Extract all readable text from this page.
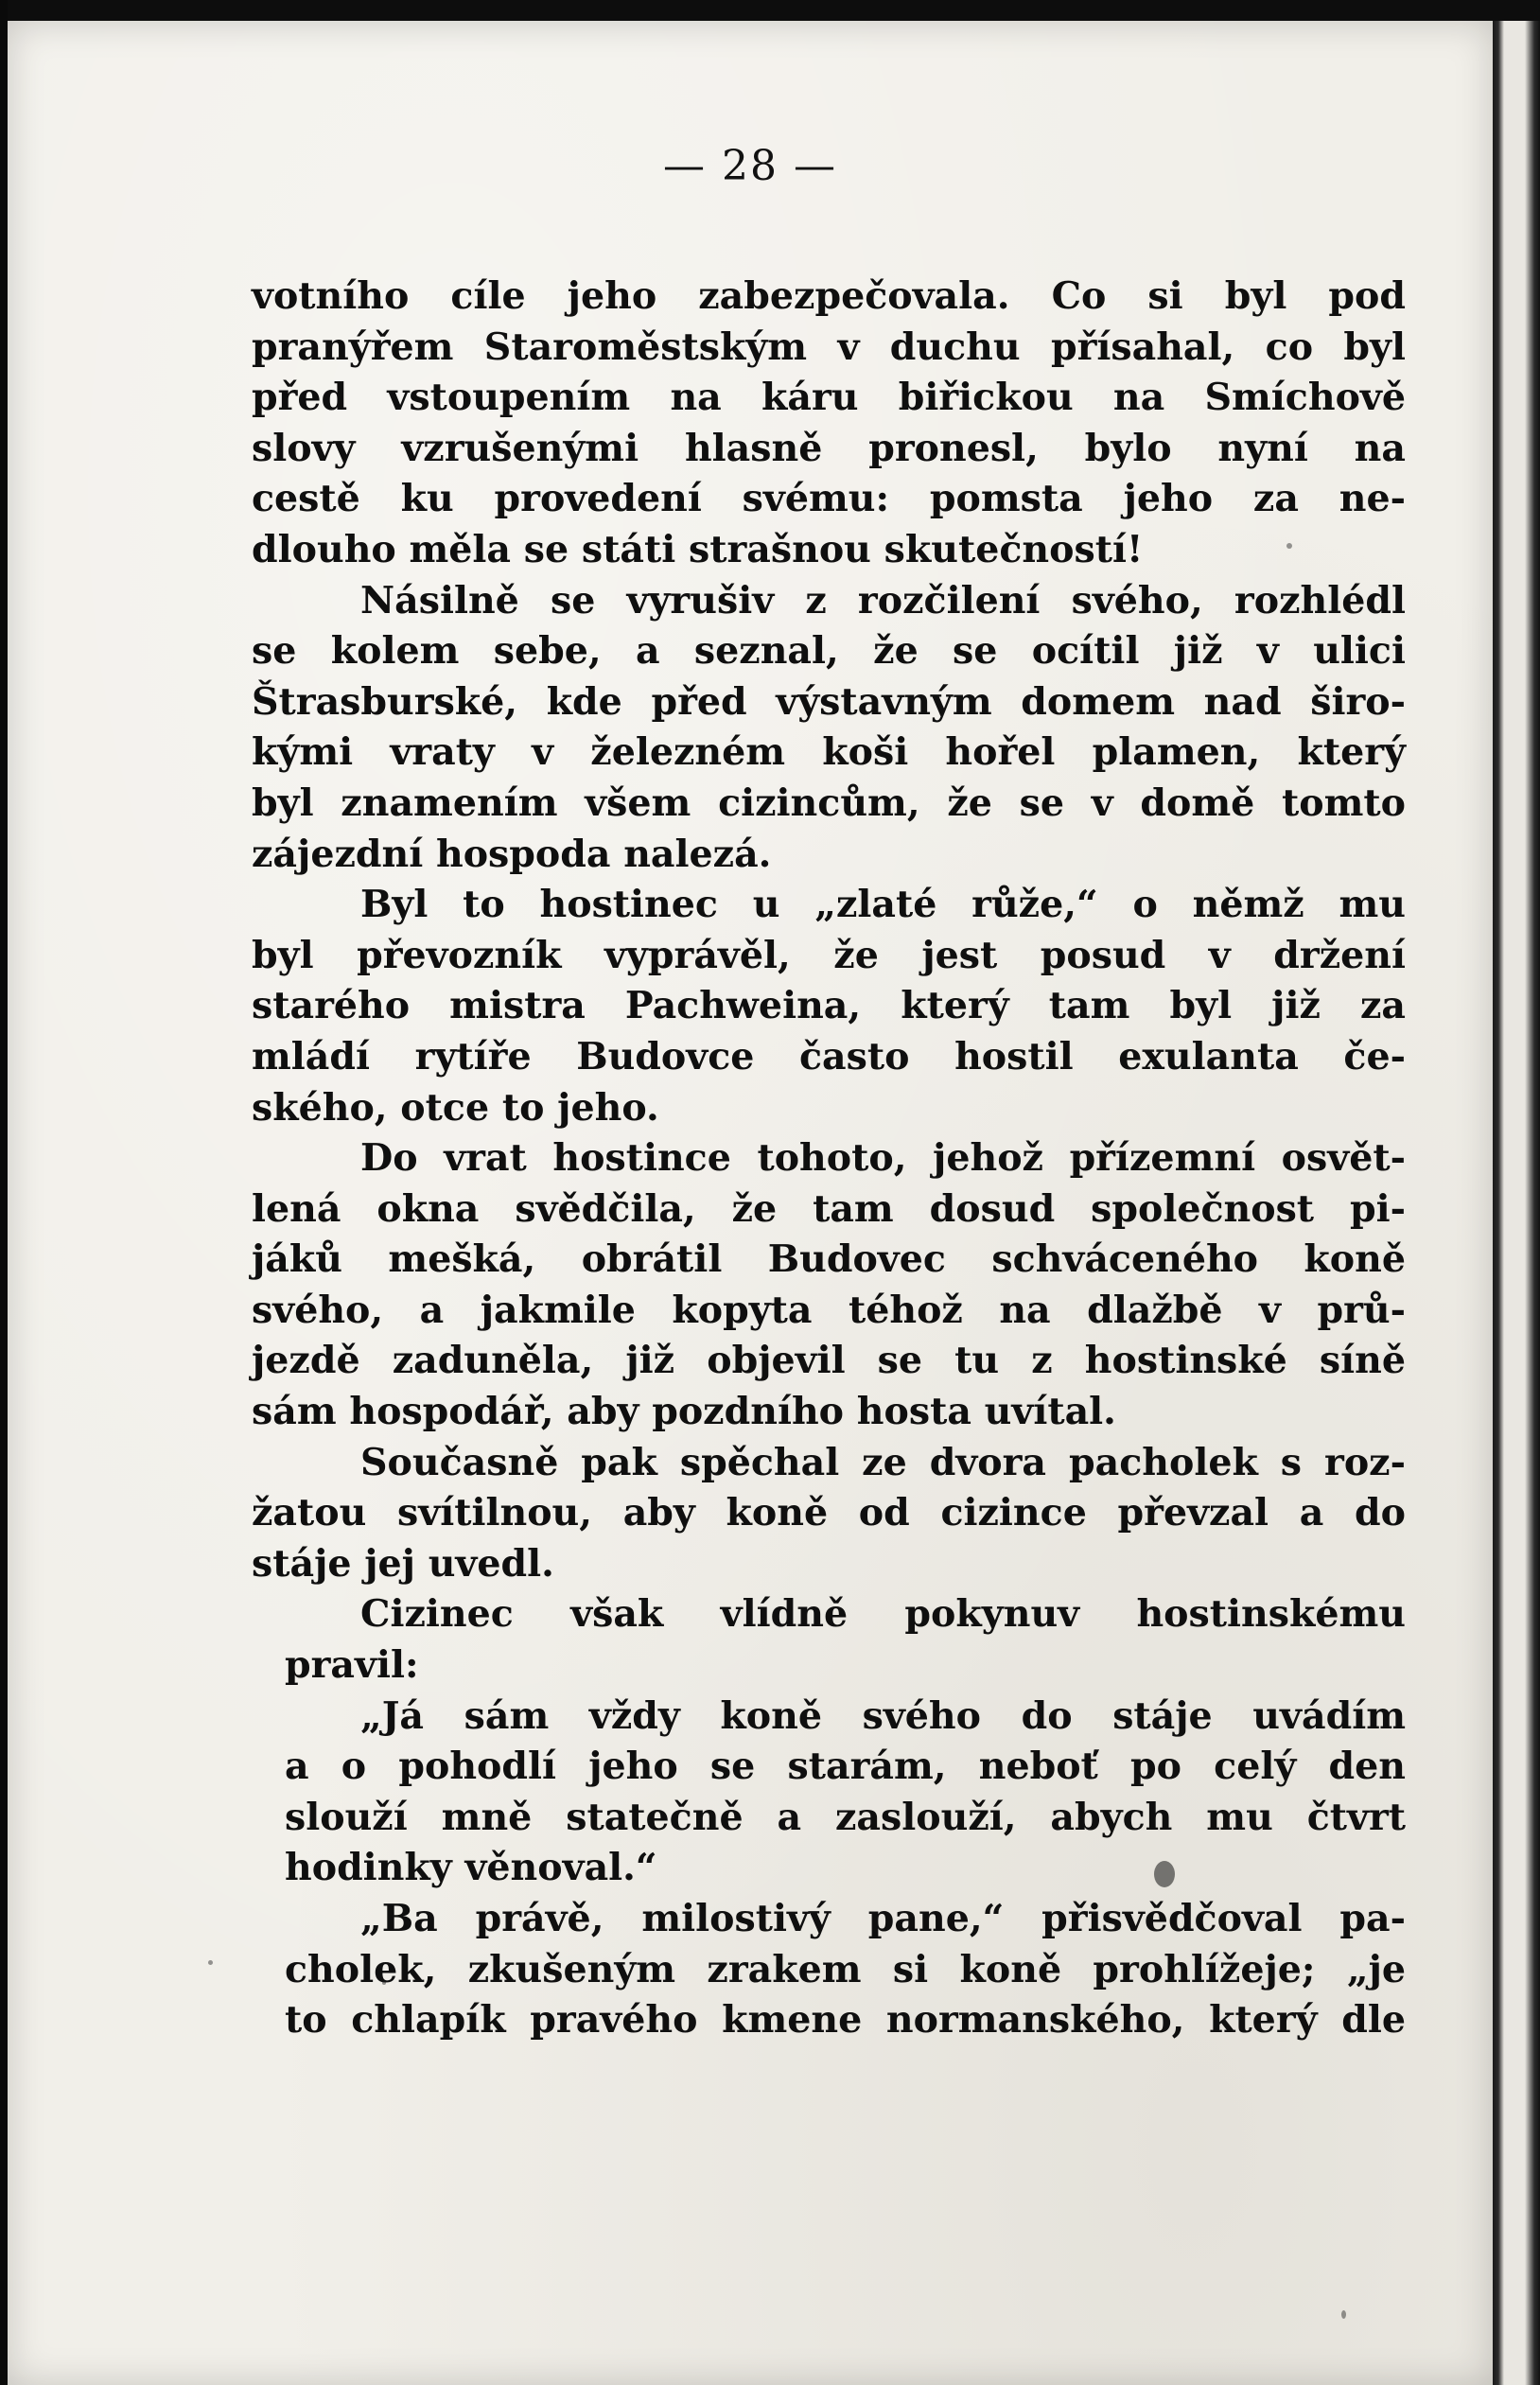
— 28 —
votního cíle jeho zabezpečovala. Co si byl pod
pranýřem Staroměstským v duchu přísahal, co byl
před vstoupením na káru biřickou na Smíchově
slovy vzrušenými hlasně pronesl, bylo nyní na
cestě ku provedení svému: pomsta jeho za ne-
dlouho měla se státi strašnou skutečností!
Násilně se vyrušiv z rozčilení svého, rozhlédl
se kolem sebe, a seznal, že se ocítil již v ulici
Štrasburské, kde před výstavným domem nad širo-
kými vraty v železném koši hořel plamen, který
byl znamením všem cizincům, že se v domě tomto
zájezdní hospoda nalezá.
Byl to hostinec u „zlaté růže,“ o němž mu
byl převozník vyprávěl, že jest posud v držení
starého mistra Pachweina, který tam byl již za
mládí rytíře Budovce často hostil exulanta če-
ského, otce to jeho.
Do vrat hostince tohoto, jehož přízemní osvět-
lená okna svědčila, že tam dosud společnost pi-
jáků mešká, obrátil Budovec schváceného koně
svého, a jakmile kopyta téhož na dlažbě v prů-
jezdě zaduněla, již objevil se tu z hostinské síně
sám hospodář, aby pozdního hosta uvítal.
Současně pak spěchal ze dvora pacholek s roz-
žatou svítilnou, aby koně od cizince převzal a do
stáje jej uvedl.
Cizinec však vlídně pokynuv hostinskému
pravil:
„Já sám vždy koně svého do stáje uvádím
a o pohodlí jeho se starám, neboť po celý den
slouží mně statečně a zaslouží, abych mu čtvrt
hodinky věnoval.“
„Ba právě, milostivý pane,“ přisvědčoval pa-
cholek, zkušeným zrakem si koně prohlížeje; „je
to chlapík pravého kmene normanského, který dle
